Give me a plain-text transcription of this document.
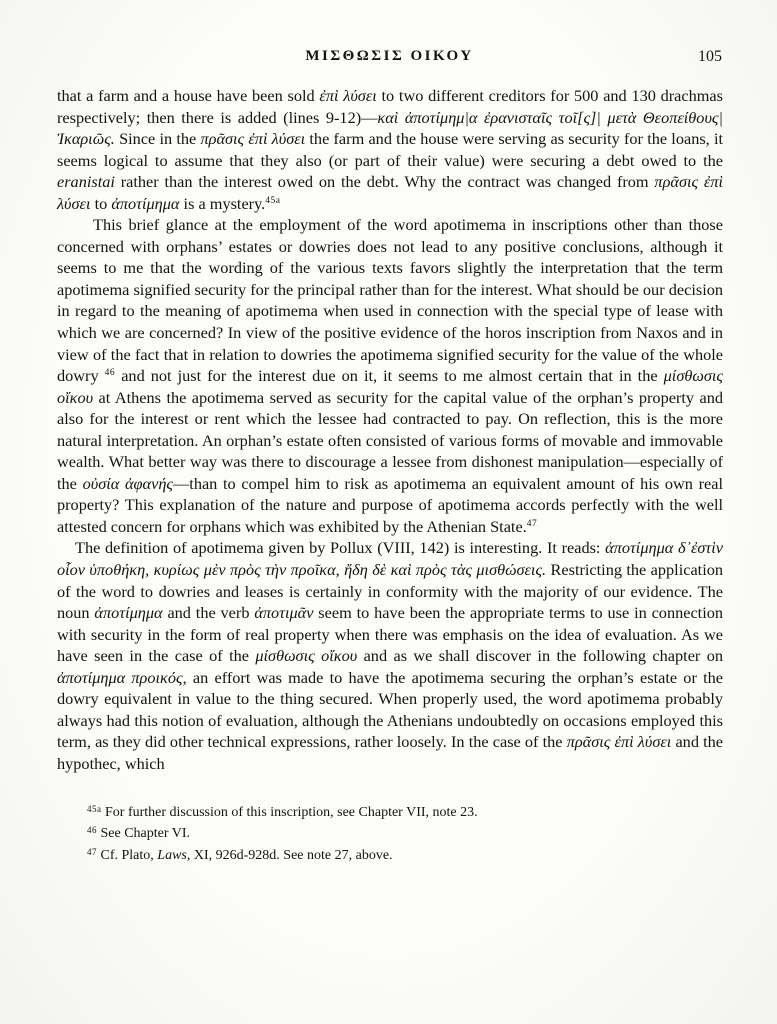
ΜΙΣΘΩΣΙΣ ΟΙΚΟΥ	105

that a farm and a house have been sold ἐπὶ λύσει to two different creditors for 500 and 130 drachmas respectively; then there is added (lines 9-12)—καὶ ἀποτίμημ|α ἐρανισταῖς τοῖ[ς]| μετὰ Θεοπείθους| Ἰκαριῶς. Since in the πρᾶσις ἐπὶ λύσει the farm and the house were serving as security for the loans, it seems logical to assume that they also (or part of their value) were securing a debt owed to the eranistai rather than the interest owed on the debt. Why the contract was changed from πρᾶσις ἐπὶ λύσει to ἀποτίμημα is a mystery.$^{45a}$

This brief glance at the employment of the word apotimema in inscriptions other than those concerned with orphans’ estates or dowries does not lead to any positive conclusions, although it seems to me that the wording of the various texts favors slightly the interpretation that the term apotimema signified security for the principal rather than for the interest. What should be our decision in regard to the meaning of apotimema when used in connection with the special type of lease with which we are concerned? In view of the positive evidence of the horos inscription from Naxos and in view of the fact that in relation to dowries the apotimema signified security for the value of the whole dowry $^{46}$ and not just for the interest due on it, it seems to me almost certain that in the μίσθωσις οἴκου at Athens the apotimema served as security for the capital value of the orphan’s property and also for the interest or rent which the lessee had contracted to pay. On reflection, this is the more natural interpretation. An orphan’s estate often consisted of various forms of movable and immovable wealth. What better way was there to discourage a lessee from dishonest manipulation—especially of the οὐσία ἀφανής—than to compel him to risk as apotimema an equivalent amount of his own real property? This explanation of the nature and purpose of apotimema accords perfectly with the well attested concern for orphans which was exhibited by the Athenian State.$^{47}$

The definition of apotimema given by Pollux (VIII, 142) is interesting. It reads: ἀποτίμημα δ᾽ἐστὶν οἷον ὑποθήκη, κυρίως μὲν πρὸς τὴν προῖκα, ἤδη δὲ καὶ πρὸς τὰς μισθώσεις. Restricting the application of the word to dowries and leases is certainly in conformity with the majority of our evidence. The noun ἀποτίμημα and the verb ἀποτιμᾶν seem to have been the appropriate terms to use in connection with security in the form of real property when there was emphasis on the idea of evaluation. As we have seen in the case of the μίσθωσις οἴκου and as we shall discover in the following chapter on ἀποτίμημα προικός, an effort was made to have the apotimema securing the orphan’s estate or the dowry equivalent in value to the thing secured. When properly used, the word apotimema probably always had this notion of evaluation, although the Athenians undoubtedly on occasions employed this term, as they did other technical expressions, rather loosely. In the case of the πρᾶσις ἐπὶ λύσει and the hypothec, which

$^{45a}$ For further discussion of this inscription, see Chapter VII, note 23.

$^{46}$ See Chapter VI.

$^{47}$ Cf. Plato, Laws, XI, 926d-928d. See note 27, above.
